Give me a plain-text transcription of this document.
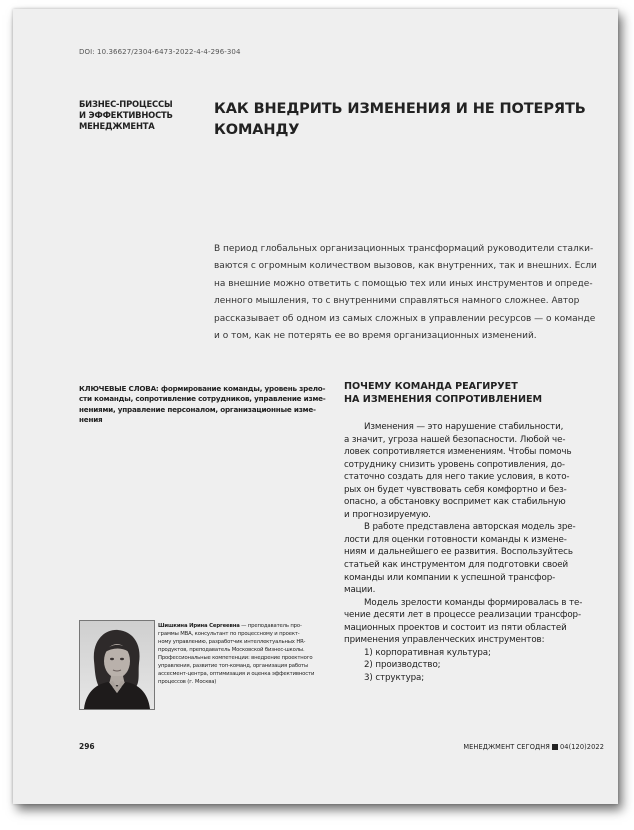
DOI: 10.36627/2304-6473-2022-4-4-296-304
БИЗНЕС-ПРОЦЕССЫ
И ЭФФЕКТИВНОСТЬ
МЕНЕДЖМЕНТА
КАК ВНЕДРИТЬ ИЗМЕНЕНИЯ И НЕ ПОТЕРЯТЬ
КОМАНДУ
В период глобальных организационных трансформаций руководители сталки-
ваются с огромным количеством вызовов, как внутренних, так и внешних. Если
на внешние можно ответить с помощью тех или иных инструментов и опреде-
ленного мышления, то с внутренними справляться намного сложнее. Автор
рассказывает об одном из самых сложных в управлении ресурсов — о команде
и о том, как не потерять ее во время организационных изменений.
КЛЮЧЕВЫЕ СЛОВА: формирование команды, уровень зрело-
сти команды, сопротивление сотрудников, управление изме-
нениями, управление персоналом, организационные изме-
нения
ПОЧЕМУ КОМАНДА РЕАГИРУЕТ
НА ИЗМЕНЕНИЯ СОПРОТИВЛЕНИЕМ
Изменения — это нарушение стабильности,
а значит, угроза нашей безопасности. Любой че-
ловек сопротивляется изменениям. Чтобы помочь
сотруднику снизить уровень сопротивления, до-
статочно создать для него такие условия, в кото-
рых он будет чувствовать себя комфортно и без-
опасно, а обстановку воспримет как стабильную
и прогнозируемую.
В работе представлена авторская модель зре-
лости для оценки готовности команды к измене-
ниям и дальнейшего ее развития. Воспользуйтесь
статьей как инструментом для подготовки своей
команды или компании к успешной трансфор-
мации.
Модель зрелости команды формировалась в те-
чение десяти лет в процессе реализации трансфор-
мационных проектов и состоит из пяти областей
применения управленческих инструментов:
1) корпоративная культура;
2) производство;
3) структура;
Шишкина Ирина Сергеевна — преподаватель про-
граммы MBA, консультант по процессному и проект-
ному управлению, разработчик интеллектуальных HR-
продуктов, преподаватель Московской бизнес-школы.
Профессиональные компетенции: внедрение проектного
управления, развитие топ-команд, организация работы
ассесмент-центра, оптимизация и оценка эффективности
процессов (г. Москва)
296	МЕНЕДЖМЕНТ СЕГОДНЯ 04(120)2022
